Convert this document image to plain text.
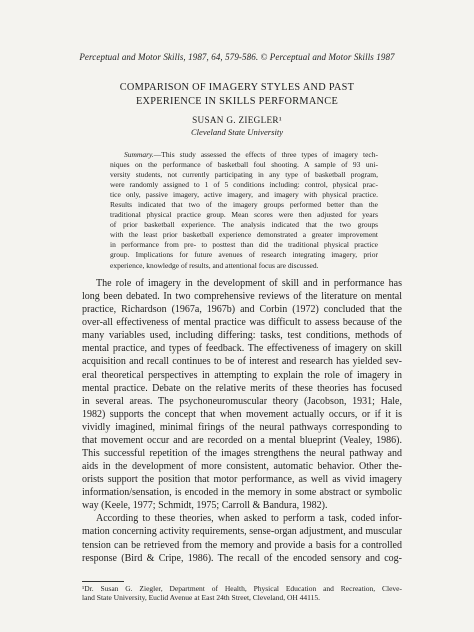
Perceptual and Motor Skills, 1987, 64, 579-586. © Perceptual and Motor Skills 1987
COMPARISON OF IMAGERY STYLES AND PAST
EXPERIENCE IN SKILLS PERFORMANCE
SUSAN G. ZIEGLER¹
Cleveland State University
Summary.—This study assessed the effects of three types of imagery tech-
niques on the performance of basketball foul shooting. A sample of 93 uni-
versity students, not currently participating in any type of basketball program,
were randomly assigned to 1 of 5 conditions including: control, physical prac-
tice only, passive imagery, active imagery, and imagery with physical practice.
Results indicated that two of the imagery groups performed better than the
traditional physical practice group. Mean scores were then adjusted for years
of prior basketball experience. The analysis indicated that the two groups
with the least prior basketball experience demonstrated a greater improvement
in performance from pre- to posttest than did the traditional physical practice
group. Implications for future avenues of research integrating imagery, prior
experience, knowledge of results, and attentional focus are discussed.
The role of imagery in the development of skill and in performance has
long been debated. In two comprehensive reviews of the literature on mental
practice, Richardson (1967a, 1967b) and Corbin (1972) concluded that the
over-all effectiveness of mental practice was difficult to assess because of the
many variables used, including differing: tasks, test conditions, methods of
mental practice, and types of feedback. The effectiveness of imagery on skill
acquisition and recall continues to be of interest and research has yielded sev-
eral theoretical perspectives in attempting to explain the role of imagery in
mental practice. Debate on the relative merits of these theories has focused
in several areas. The psychoneuromuscular theory (Jacobson, 1931; Hale,
1982) supports the concept that when movement actually occurs, or if it is
vividly imagined, minimal firings of the neural pathways corresponding to
that movement occur and are recorded on a mental blueprint (Vealey, 1986).
This successful repetition of the images strengthens the neural pathway and
aids in the development of more consistent, automatic behavior. Other the-
orists support the position that motor performance, as well as vivid imagery
information/sensation, is encoded in the memory in some abstract or symbolic
way (Keele, 1977; Schmidt, 1975; Carroll & Bandura, 1982).
According to these theories, when asked to perform a task, coded infor-
mation concerning activity requirements, sense-organ adjustment, and muscular
tension can be retrieved from the memory and provide a basis for a controlled
response (Bird & Cripe, 1986). The recall of the encoded sensory and cog-
¹Dr. Susan G. Ziegler, Department of Health, Physical Education and Recreation, Cleve-
land State University, Euclid Avenue at East 24th Street, Cleveland, OH 44115.
